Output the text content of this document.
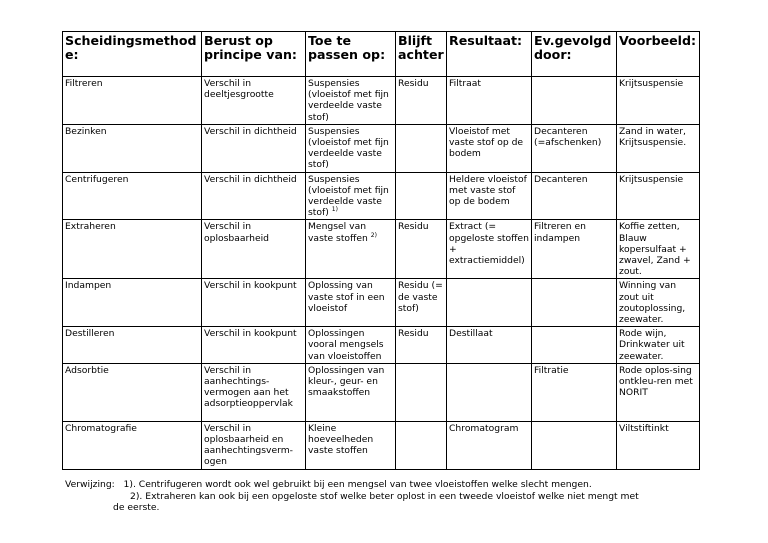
Scheidingsmethode:	Berust op principe van:	Toe te passen op:	Blijft achter	Resultaat:	Ev.gevolgd door:	Voorbeeld:
Filtreren	Verschil in deeltjesgrootte	Suspensies (vloeistof met fijn verdeelde vaste stof)	Residu	Filtraat		Krijtsuspensie
Bezinken	Verschil in dichtheid	Suspensies (vloeistof met fijn verdeelde vaste stof)		Vloeistof met vaste stof op de bodem	Decanteren (=afschenken)	Zand in water, Krijtsuspensie.
Centrifugeren	Verschil in dichtheid	Suspensies (vloeistof met fijn verdeelde vaste stof) $^{1)}$		Heldere vloeistof met vaste stof op de bodem	Decanteren	Krijtsuspensie
Extraheren	Verschil in oplosbaarheid	Mengsel van vaste stoffen $^{2)}$	Residu	Extract (= opgeloste stoffen + extractiemiddel)	Filtreren en indampen	Koffie zetten, Blauw kopersulfaat + zwavel, Zand + zout.
Indampen	Verschil in kookpunt	Oplossing van vaste stof in een vloeistof	Residu (= de vaste stof)			Winning van zout uit zoutoplossing, zeewater.
Destilleren	Verschil in kookpunt	Oplossingen vooral mengsels van vloeistoffen	Residu	Destillaat		Rode wijn, Drinkwater uit zeewater.
Adsorbtie	Verschil in aanhechtings-vermogen aan het adsorptieoppervlak	Oplossingen van kleur-, geur- en smaakstoffen			Filtratie	Rode oplos-sing ontkleu-ren met NORIT
Chromatografie	Verschil in oplosbaarheid en aanhechtingsverm-ogen	Kleine hoeveelheden vaste stoffen		Chromatogram		Viltstiftinkt
Verwijzing: 1). Centrifugeren wordt ook wel gebruikt bij een mengsel van twee vloeistoffen welke slecht mengen.
2). Extraheren kan ook bij een opgeloste stof welke beter oplost in een tweede vloeistof welke niet mengt met
de eerste.
